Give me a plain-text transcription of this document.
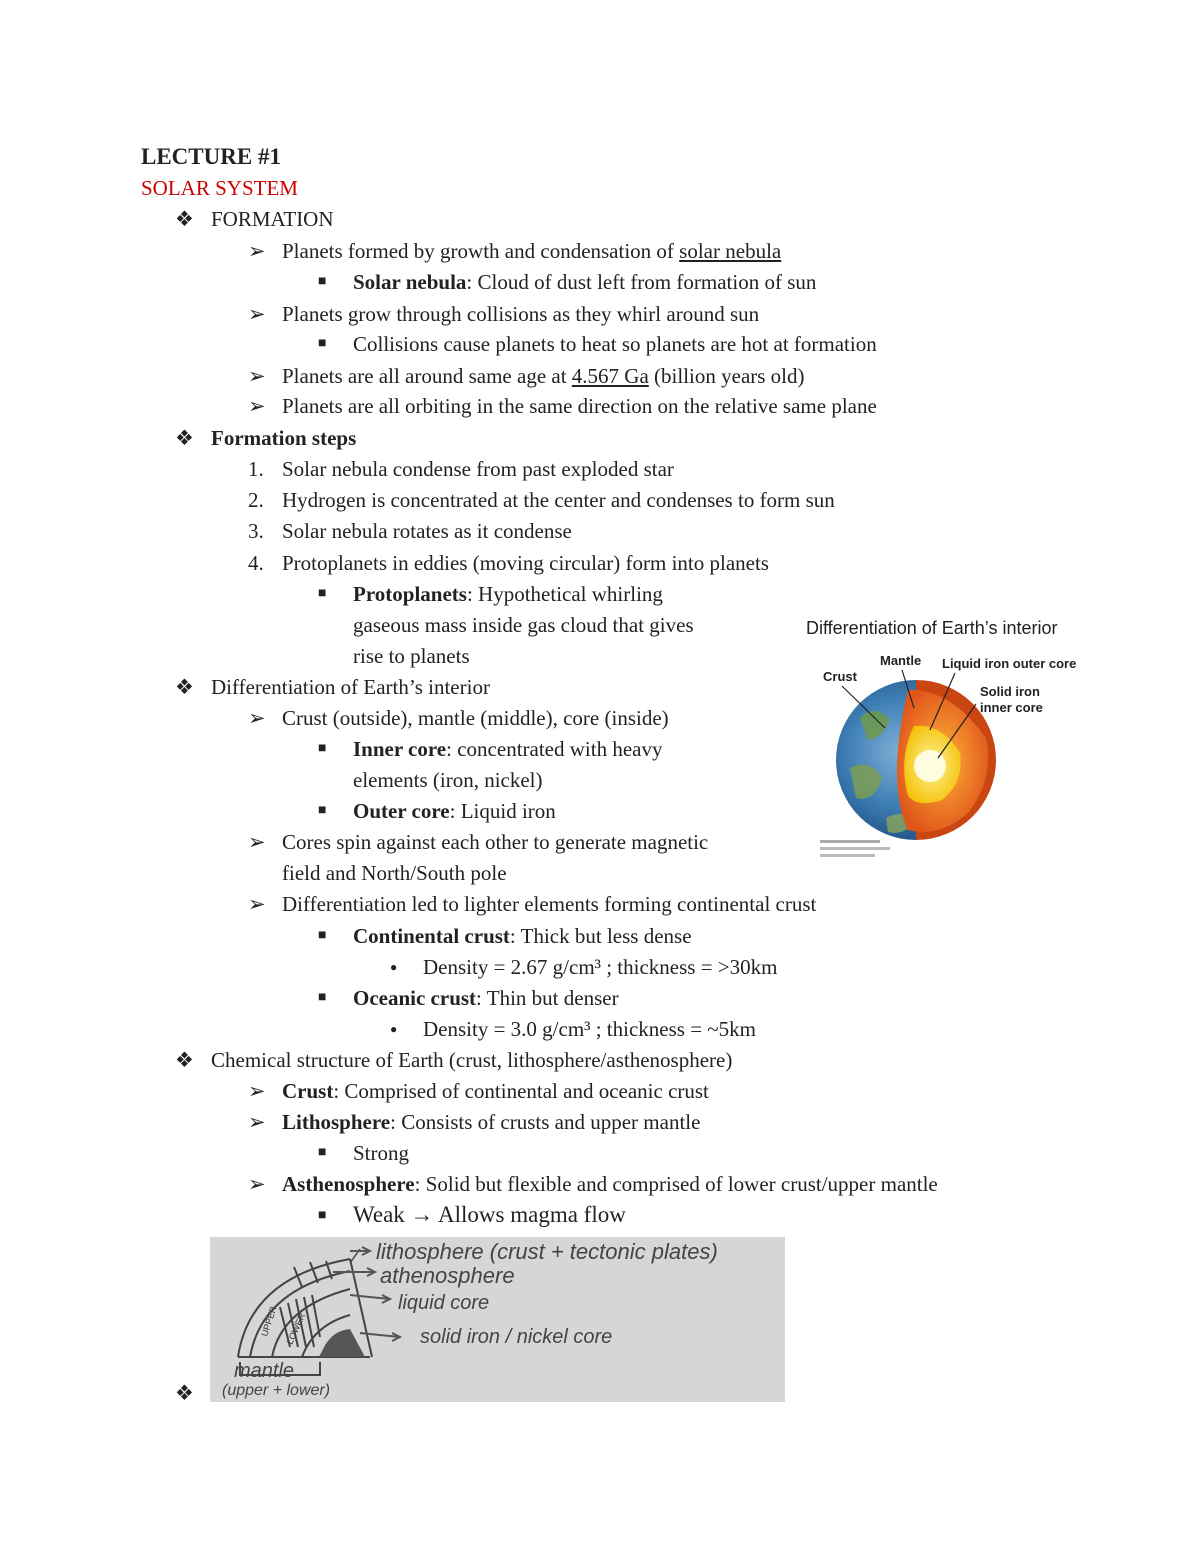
LECTURE #1
SOLAR SYSTEM
❖ FORMATION
➢ Planets formed by growth and condensation of solar nebula
■ Solar nebula: Cloud of dust left from formation of sun
➢ Planets grow through collisions as they whirl around sun
■ Collisions cause planets to heat so planets are hot at formation
➢ Planets are all around same age at 4.567 Ga (billion years old)
➢ Planets are all orbiting in the same direction on the relative same plane
❖ Formation steps
1. Solar nebula condense from past exploded star
2. Hydrogen is concentrated at the center and condenses to form sun
3. Solar nebula rotates as it condense
4. Protoplanets in eddies (moving circular) form into planets
■ Protoplanets: Hypothetical whirling
gaseous mass inside gas cloud that gives
rise to planets
❖ Differentiation of Earth’s interior
➢ Crust (outside), mantle (middle), core (inside)
■ Inner core: concentrated with heavy
elements (iron, nickel)
■ Outer core: Liquid iron
➢ Cores spin against each other to generate magnetic
field and North/South pole
➢ Differentiation led to lighter elements forming continental crust
■ Continental crust: Thick but less dense
● Density = 2.67 g/cm³ ; thickness = >30km
■ Oceanic crust: Thin but denser
● Density = 3.0 g/cm³ ; thickness = ~5km
❖ Chemical structure of Earth (crust, lithosphere/asthenosphere)
➢ Crust: Comprised of continental and oceanic crust
➢ Lithosphere: Consists of crusts and upper mantle
■ Strong
➢ Asthenosphere: Solid but flexible and comprised of lower crust/upper mantle
■ Weak → Allows magma flow
❖
Differentiation of Earth’s interior
Crust
Mantle Liquid iron outer core
Solid iron
inner core
lithosphere (crust + tectonic plates)
athenosphere
liquid core
solid iron / nickel core
mantle
(upper + lower)
UPPER LOWER
